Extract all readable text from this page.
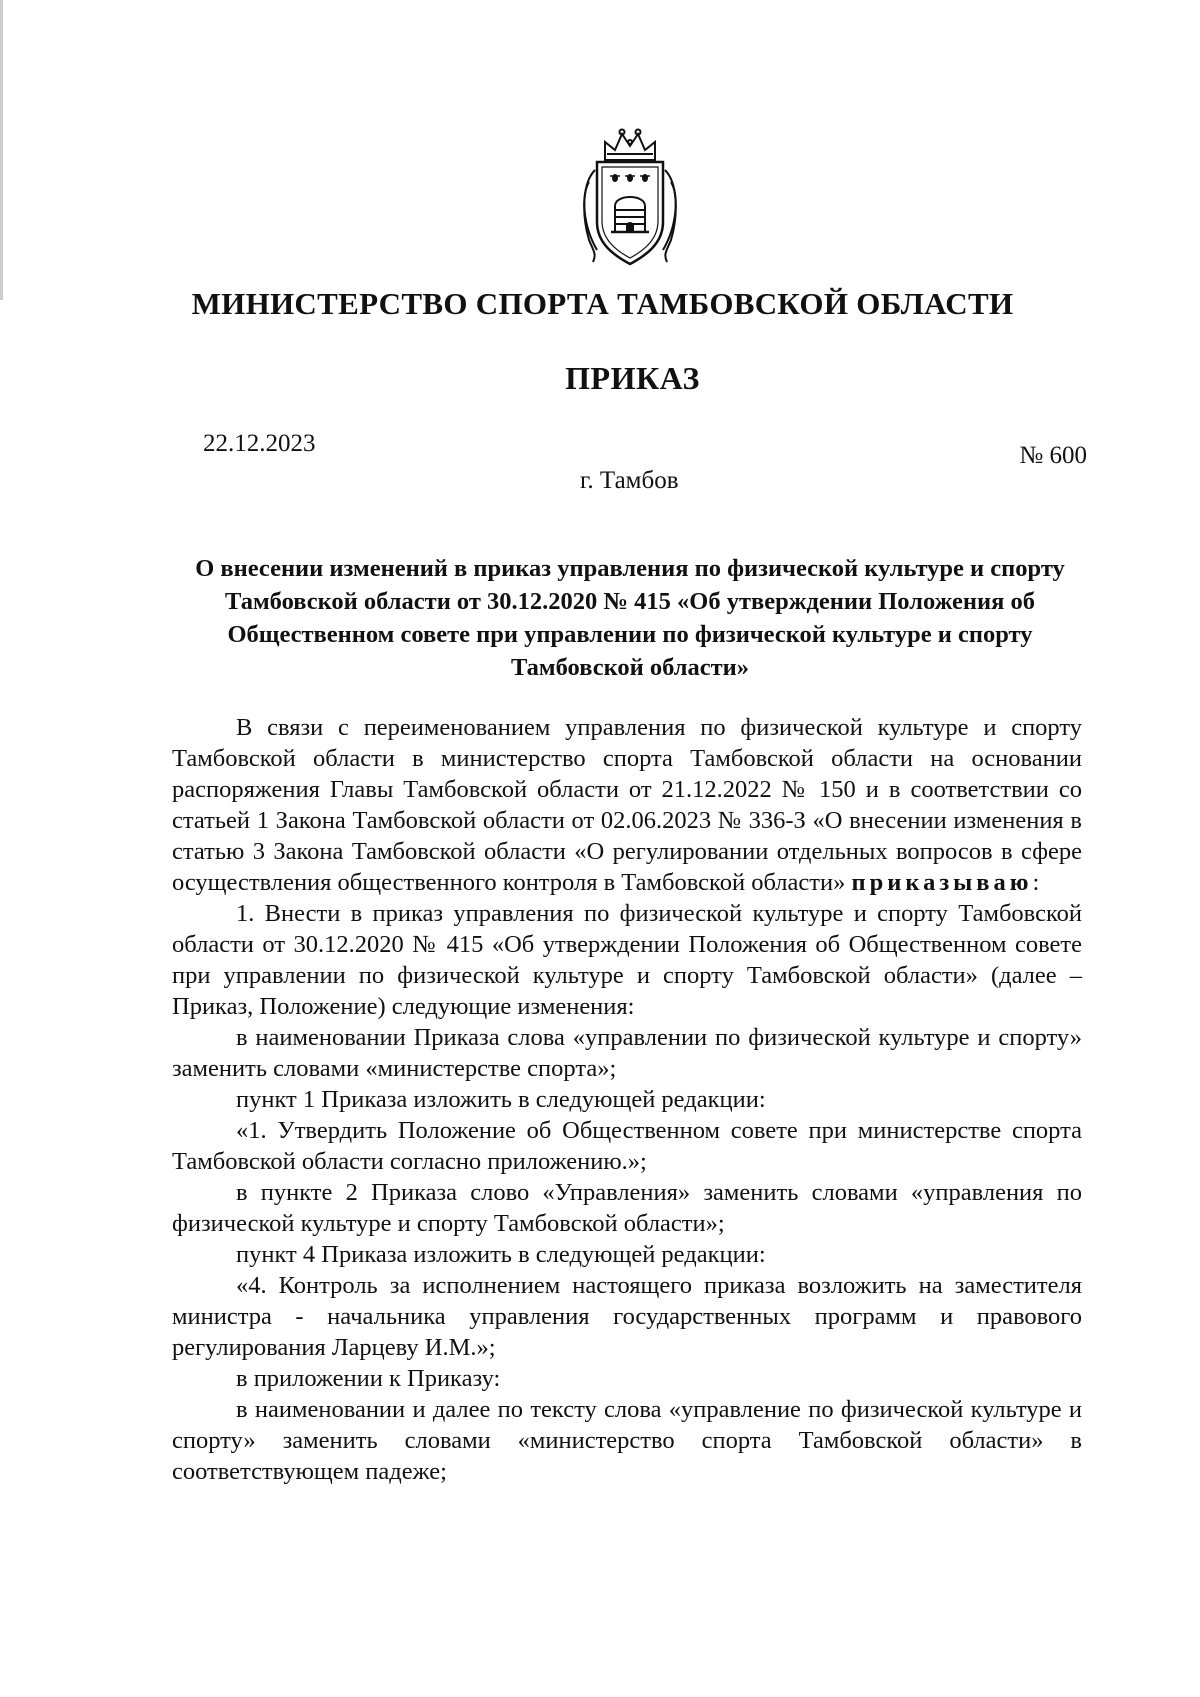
МИНИСТЕРСТВО СПОРТА ТАМБОВСКОЙ ОБЛАСТИ
ПРИКАЗ
22.12.2023	№ 600
г. Тамбов
О внесении изменений в приказ управления по физической культуре и спорту Тамбовской области от 30.12.2020 № 415 «Об утверждении Положения об Общественном совете при управлении по физической культуре и спорту Тамбовской области»

В связи с переименованием управления по физической культуре и спорту Тамбовской области в министерство спорта Тамбовской области на основании распоряжения Главы Тамбовской области от 21.12.2022 № 150 и в соответствии со статьей 1 Закона Тамбовской области от 02.06.2023 № 336-З «О внесении изменения в статью 3 Закона Тамбовской области «О регулировании отдельных вопросов в сфере осуществления общественного контроля в Тамбовской области» приказываю:

1. Внести в приказ управления по физической культуре и спорту Тамбовской области от 30.12.2020 № 415 «Об утверждении Положения об Общественном совете при управлении по физической культуре и спорту Тамбовской области» (далее – Приказ, Положение) следующие изменения:

в наименовании Приказа слова «управлении по физической культуре и спорту» заменить словами «министерстве спорта»;

пункт 1 Приказа изложить в следующей редакции:

«1. Утвердить Положение об Общественном совете при министерстве спорта Тамбовской области согласно приложению.»;

в пункте 2 Приказа слово «Управления» заменить словами «управления по физической культуре и спорту Тамбовской области»;

пункт 4 Приказа изложить в следующей редакции:

«4. Контроль за исполнением настоящего приказа возложить на заместителя министра - начальника управления государственных программ и правового регулирования Ларцеву И.М.»;

в приложении к Приказу:

в наименовании и далее по тексту слова «управление по физической культуре и спорту» заменить словами «министерство спорта Тамбовской области» в соответствующем падеже;
